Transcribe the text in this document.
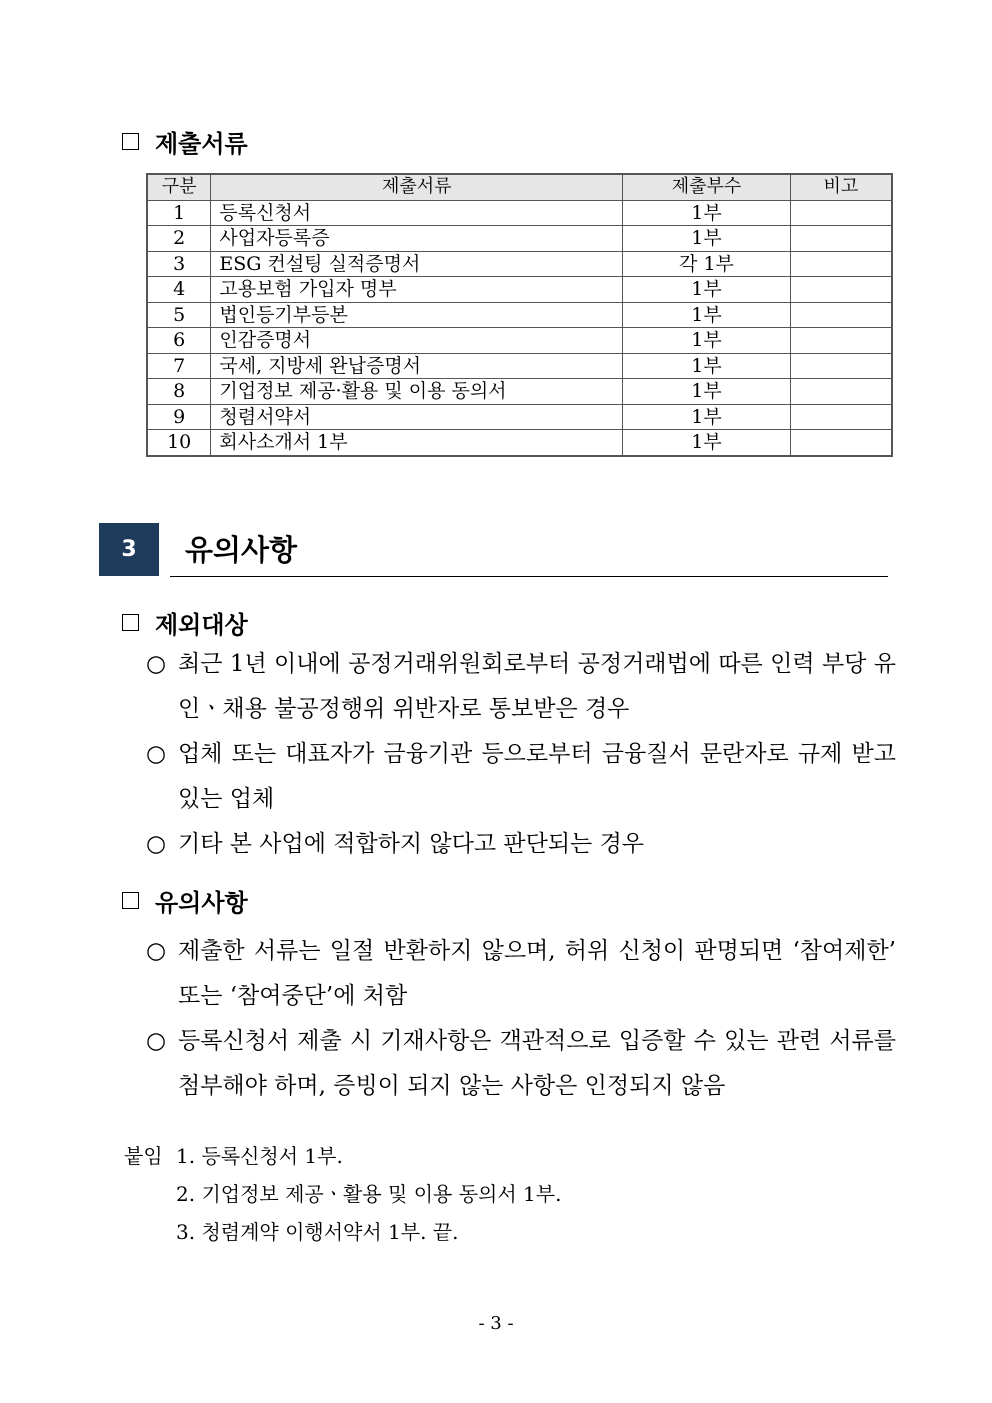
제출서류
구분	제출서류	제출부수	비고
1	등록신청서	1부	
2	사업자등록증	1부	
3	ESG 컨설팅 실적증명서	각 1부	
4	고용보험 가입자 명부	1부	
5	법인등기부등본	1부	
6	인감증명서	1부	
7	국세, 지방세 완납증명서	1부	
8	기업정보 제공·활용 및 이용 동의서	1부	
9	청렴서약서	1부	
10	회사소개서 1부	1부	
3	유의사항
제외대상
○ 최근 1년 이내에 공정거래위원회로부터 공정거래법에 따른 인력 부당 유인ㆍ채용 불공정행위 위반자로 통보받은 경우
○ 업체 또는 대표자가 금융기관 등으로부터 금융질서 문란자로 규제 받고 있는 업체
○ 기타 본 사업에 적합하지 않다고 판단되는 경우
유의사항
○ 제출한 서류는 일절 반환하지 않으며, 허위 신청이 판명되면 ‘참여제한’ 또는 ‘참여중단’에 처함
○ 등록신청서 제출 시 기재사항은 객관적으로 입증할 수 있는 관련 서류를 첨부해야 하며, 증빙이 되지 않는 사항은 인정되지 않음
붙임 1. 등록신청서 1부.
2. 기업정보 제공ㆍ활용 및 이용 동의서 1부.
3. 청렴계약 이행서약서 1부. 끝.
- 3 -
